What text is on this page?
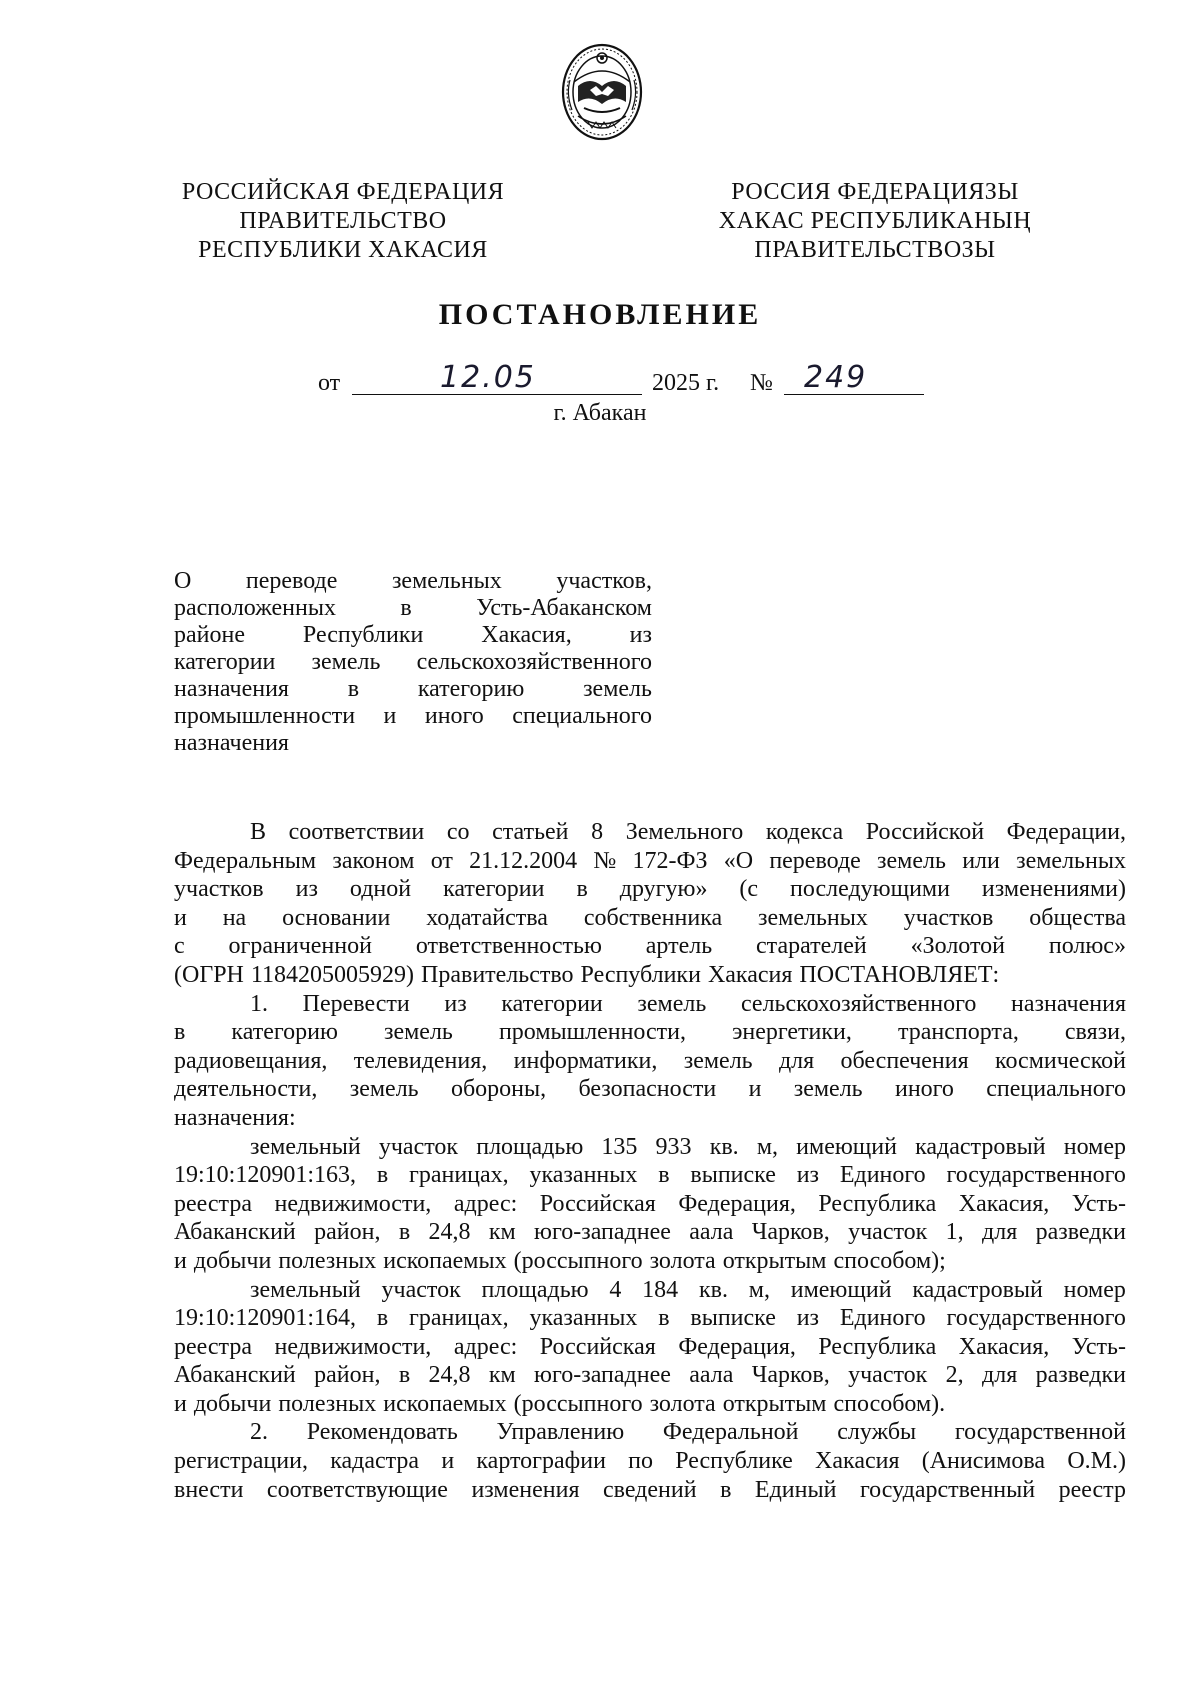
РОССИЙСКАЯ ФЕДЕРАЦИЯ
ПРАВИТЕЛЬСТВО
РЕСПУБЛИКИ ХАКАСИЯ
РОССИЯ ФЕДЕРАЦИЯЗЫ
ХАКАС РЕСПУБЛИКАНЫҢ
ПРАВИТЕЛЬСТВОЗЫ
ПОСТАНОВЛЕНИЕ
от	12.05	2025 г. № 249
г. Абакан
О переводе земельных участков,
расположенных	в	Усть-Абаканском
районе Республики Хакасия, из
категории земель сельскохозяйственного
назначения в категорию земель
промышленности и иного специального
назначения
В соответствии со статьей 8 Земельного кодекса Российской Федерации,
Федеральным законом от 21.12.2004 № 172-ФЗ «О переводе земель или земельных
участков из одной категории в другую» (с последующими изменениями)
и на основании ходатайства собственника земельных участков общества
с ограниченной ответственностью артель старателей «Золотой полюс»
(ОГРН 1184205005929) Правительство Республики Хакасия ПОСТАНОВЛЯЕТ:
1. Перевести из категории земель сельскохозяйственного назначения
в категорию земель промышленности, энергетики, транспорта, связи,
радиовещания, телевидения, информатики, земель для обеспечения космической
деятельности, земель обороны, безопасности и земель иного специального
назначения:
земельный участок площадью 135 933 кв. м, имеющий кадастровый номер
19:10:120901:163, в границах, указанных в выписке из Единого государственного
реестра недвижимости, адрес: Российская Федерация, Республика Хакасия, Усть-
Абаканский район, в 24,8 км юго-западнее аала Чарков, участок 1, для разведки
и добычи полезных ископаемых (россыпного золота открытым способом);
земельный участок площадью 4 184 кв. м, имеющий кадастровый номер
19:10:120901:164, в границах, указанных в выписке из Единого государственного
реестра недвижимости, адрес: Российская Федерация, Республика Хакасия, Усть-
Абаканский район, в 24,8 км юго-западнее аала Чарков, участок 2, для разведки
и добычи полезных ископаемых (россыпного золота открытым способом).
2. Рекомендовать Управлению Федеральной службы государственной
регистрации, кадастра и картографии по Республике Хакасия (Анисимова О.М.)
внести соответствующие изменения сведений в Единый государственный реестр
